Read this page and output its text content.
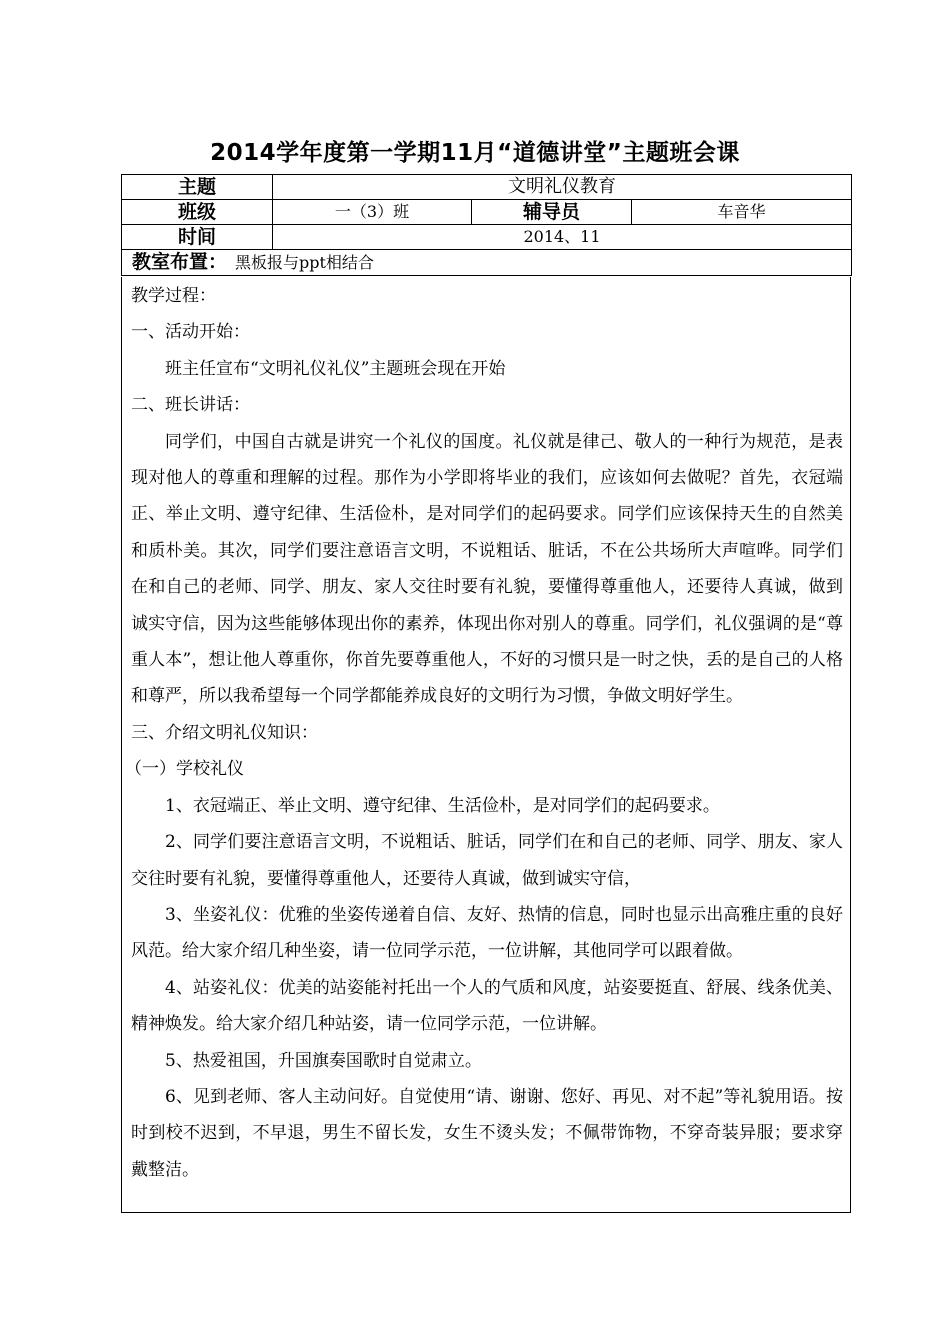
2014学年度第一学期11月“道德讲堂”主题班会课
主题	文明礼仪教育		
班级	一（3）班	辅导员	车音华
时间	2014、11		
教室布置： 黑板报与ppt相结合			

教学过程：

一、活动开始：

班主任宣布“文明礼仪礼仪”主题班会现在开始

二、班长讲话：

同学们，中国自古就是讲究一个礼仪的国度。礼仪就是律己、敬人的一种行为规范，是表现对他人的尊重和理解的过程。那作为小学即将毕业的我们，应该如何去做呢？首先，衣冠端正、举止文明、遵守纪律、生活俭朴，是对同学们的起码要求。同学们应该保持天生的自然美和质朴美。其次，同学们要注意语言文明，不说粗话、脏话，不在公共场所大声喧哗。同学们在和自己的老师、同学、朋友、家人交往时要有礼貌，要懂得尊重他人，还要待人真诚，做到诚实守信，因为这些能够体现出你的素养，体现出你对别人的尊重。同学们，礼仪强调的是“尊重人本”，想让他人尊重你，你首先要尊重他人，不好的习惯只是一时之快，丢的是自己的人格和尊严，所以我希望每一个同学都能养成良好的文明行为习惯，争做文明好学生。

三、介绍文明礼仪知识：

（一）学校礼仪

1、衣冠端正、举止文明、遵守纪律、生活俭朴，是对同学们的起码要求。

2、同学们要注意语言文明，不说粗话、脏话，同学们在和自己的老师、同学、朋友、家人交往时要有礼貌，要懂得尊重他人，还要待人真诚，做到诚实守信，

3、坐姿礼仪：优雅的坐姿传递着自信、友好、热情的信息，同时也显示出高雅庄重的良好风范。给大家介绍几种坐姿，请一位同学示范，一位讲解，其他同学可以跟着做。

4、站姿礼仪：优美的站姿能衬托出一个人的气质和风度，站姿要挺直、舒展、线条优美、精神焕发。给大家介绍几种站姿，请一位同学示范，一位讲解。

5、热爱祖国，升国旗奏国歌时自觉肃立。

6、见到老师、客人主动问好。自觉使用“请、谢谢、您好、再见、对不起”等礼貌用语。按时到校不迟到，不早退，男生不留长发，女生不烫头发；不佩带饰物，不穿奇装异服；要求穿戴整洁。
